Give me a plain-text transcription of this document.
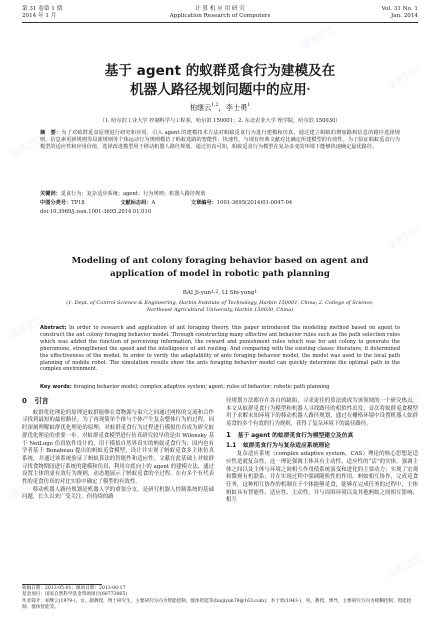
第 31 卷第 1 期
2014 年 1 月
计 算 机 应 用 研 究
Application Research of Computers
Vol. 31 No. 1
Jan. 2014
基于 agent 的蚁群觅食行为建模及在
机器人路径规划问题中的应用*
柏继云$^{1,2}$，李士勇$^1$
（1. 哈尔滨工业大学 控制科学与工程系，哈尔滨 150001；2. 东北农业大学 理学院，哈尔滨 150030）
摘　要：为了对蚁群觅食原理进行研究和应用，引入 agent 的建模技术方法对蚂蚁觅食行为进行建模和仿真，通过建立蚂蚁的增加路和信息的路径选择规则，信息素更新规则等局部规则等个体运动行为规则模仿了蚂蚁选路的智能性、快速性，与现有经典文献对比确定所建模型的有效性。为了验证蚂蚁觅食行为模型的适应性和应用价值，选择改进模型用于移动机器人路径规划。通过仿真可知，蚂蚁觅食行为模型在复杂多变的环境下能够快速确定最优路径。
关键词：觅食行为；复杂适应系统；agent；行为规则；机器人路径规划
中图分类号：TP18	文献标志码：A	文章编号：1001-3695(2014)01-0047-04
doi:10.3969/j.issn.1001-3695.2014.01.010
Modeling of ant colony foraging behavior based on agent and
application of model in robotic path planning
BAI Ji-yun$^{1,2}$, LI Shi-yong$^1$
(1. Dept. of Control Science & Engineering, Harbin Institute of Technology, Harbin 150001, China; 2. College of Science, Northeast Agricultural University, Harbin 150030, China)
Abstract: In order to research and application of ant foraging theory, this paper introduced the modeling method based on agent to construct the ant colony foraging behavior model. Through constructing many effective ant behavior rules such as the path selection rules which was added the function of perceiving information, the reward and punishment rules which was for ant colony to generate the pheromone, strengthened the speed and the intelligence of ant routing. And comparing with the existing classic literature, it determined the effectiveness of the model. In order to verify the adaptability of ants foraging behavior model, the model was used to the local path planning of mobile robot. The simulation results show the ants foraging behavior model can quickly determine the optimal path in the complex environment.
Key words: foraging behavior model; complex adaptive system; agent; rules of behavior; robotic path planning
0 引言
蚁群优化理论的原理是蚁群能够在食物源与巢穴之间通过网格的交流和合作寻找到最短的最短路径。为了再现简单个体与个体产生复杂整体行为的过程，同时深刻理解蚁群优化理论的原理，对蚁群觅食行为过程进行模拟仿真成为研究蚁群优化理论的重要一步。对蚁群觅食模型进行仿真研究较早的是由 Wilensky 基于 NetLogo 仿真软件设计的，用于模拟自然界真实的蚂蚁觅食行为；国内也有学者基于 Bonabeau 提出的蚂蚁觅食模型，设计并实现了蚂蚁觅食多主体仿真系统，并通过该系统验证了蚂蚁算法的智能性和适应性。文献在此基础上对蚁群寻找食物期间进行系统的建模和仿真，利用自底向上的 agent 的建模方法，通过设置主体的更有效行为规则，动态地展示了蚂蚁觅食的全过程，在有多个有代表性的觅食仿真的对比实验中确定了模型的有效性。
移动机器人路径规划是机器人学的重要分支，是研究机器人控制系统的基础问题，长久以来广受关注。但持续的路
径规划方法都存在各自的缺陷，寻求更佳的算法就成为该领域的一个研究热点。本文从蚁群觅食行为模型和机器人寻找路径的相似性出发，首次将蚁群觅食模型用于求解未知环境下的移动机器人路径规划，通过在栅格环境中设置机器人蚁群觅食的多个有效的行为规则，获得了复杂环境下的最佳路径。
1 基于 agent 的蚁群觅食行为模型建立及仿真
1.1 蚁群觅食行为与复杂适应系统理论
复杂适应系统（complex adaptive system，CAS）理论的核心思想是适应性造就复杂性，这一理论强调主体具有主动性、适应性的“活”的实体，强调主体之间以及主体与环境之间相互作用使系统演变和进化的主要动力；实现了宏观和微观有机联系；并在实现过程中强调随机性的作用。蚂蚁相互协作，完成觅食任务，这种相互协作的机制在于个体能够觅食，能够在完成任务的过程中，主体蚂蚁具有智能性、适应性、主动性，并与周围环境以及其他蚂蚁之间相互影响，相互
收稿日期：2013-05-01；修回日期：2013-06-17
基金项目：国家自然科学基金资助项目(60773065)
作者简介：柏继云(1979-)，女，副教授，博士研究生，主要研究方向为智能控制、群体智能等(baijiyun79@163.com)；李士勇(1943-)，男，教授，博导，主要研究方向为模糊控制、智能控制、群体智能等。
道客巴巴
道客巴巴
道客巴巴
道客巴巴
道客巴巴
道客巴巴
道客巴巴
道客巴巴
